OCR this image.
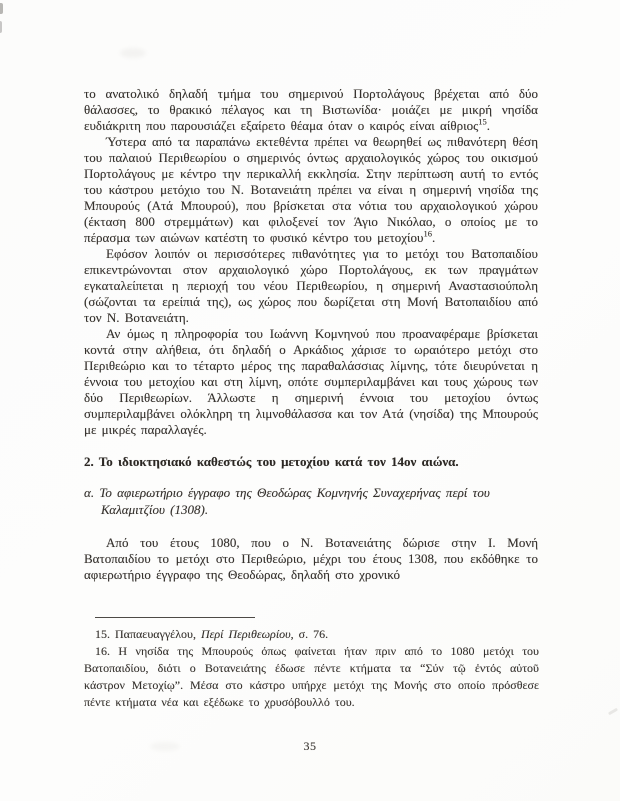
το ανατολικό δηλαδή τμήμα του σημερινού Πορτολάγους βρέχεται από δύο θάλασσες, το θρακικό πέλαγος και τη Βιστωνίδα· μοιάζει με μικρή νησίδα ευδιάκριτη που παρουσιάζει εξαίρετο θέαμα όταν ο καιρός είναι αίθριος$^{15}$.

Ύστερα από τα παραπάνω εκτεθέντα πρέπει να θεωρηθεί ως πιθανότερη θέση του παλαιού Περιθεωρίου ο σημερινός όντως αρχαιολογικός χώρος του οικισμού Πορτολάγους με κέντρο την περικαλλή εκκλησία. Στην περίπτωση αυτή το εντός του κάστρου μετόχιο του Ν. Βοτανειάτη πρέπει να είναι η σημερινή νησίδα της Μπουρούς (Ατά Μπουρού), που βρίσκεται στα νότια του αρχαιολογικού χώρου (έκταση 800 στρεμμάτων) και φιλοξενεί τον Άγιο Νικόλαο, ο οποίος με το πέρασμα των αιώνων κατέστη το φυσικό κέντρο του μετοχίου$^{16}$.

Εφόσον λοιπόν οι περισσότερες πιθανότητες για το μετόχι του Βατοπαιδίου επικεντρώνονται στον αρχαιολογικό χώρο Πορτολάγους, εκ των πραγμάτων εγκαταλείπεται η περιοχή του νέου Περιθεωρίου, η σημερινή Αναστασιούπολη (σώζονται τα ερείπιά της), ως χώρος που δωρίζεται στη Μονή Βατοπαιδίου από τον Ν. Βοτανειάτη.

Αν όμως η πληροφορία του Ιωάννη Κομνηνού που προαναφέραμε βρίσκεται κοντά στην αλήθεια, ότι δηλαδή ο Αρκάδιος χάρισε το ωραιότερο μετόχι στο Περιθεώριο και το τέταρτο μέρος της παραθαλάσσιας λίμνης, τότε διευρύνεται η έννοια του μετοχίου και στη λίμνη, οπότε συμπεριλαμβάνει και τους χώρους των δύο Περιθεωρίων. Άλλωστε η σημερινή έννοια του μετοχίου όντως συμπεριλαμβάνει ολόκληρη τη λιμνοθάλασσα και τον Ατά (νησίδα) της Μπουρούς με μικρές παραλλαγές.

2. Το ιδιοκτησιακό καθεστώς του μετοχίου κατά τον 14ον αιώνα.
α. Το αφιερωτήριο έγγραφο της Θεοδώρας Κομνηνής Συναχερήνας περί του Καλαμιτζίου (1308).

Από του έτους 1080, που ο Ν. Βοτανειάτης δώρισε στην Ι. Μονή Βατοπαιδίου το μετόχι στο Περιθεώριο, μέχρι του έτους 1308, που εκδόθηκε το αφιερωτήριο έγγραφο της Θεοδώρας, δηλαδή στο χρονικό

15. Παπαευαγγέλου, Περί Περιθεωρίου, σ. 76.

16. Η νησίδα της Μπουρούς όπως φαίνεται ήταν πριν από το 1080 μετόχι του Βατοπαιδίου, διότι ο Βοτανειάτης έδωσε πέντε κτήματα τα “Σύν τῷ ἐντός αὐτοῦ κάστρον Μετοχίῳ”. Μέσα στο κάστρο υπήρχε μετόχι της Μονής στο οποίο πρόσθεσε πέντε κτήματα νέα και εξέδωκε το χρυσόβουλλό του.

35
